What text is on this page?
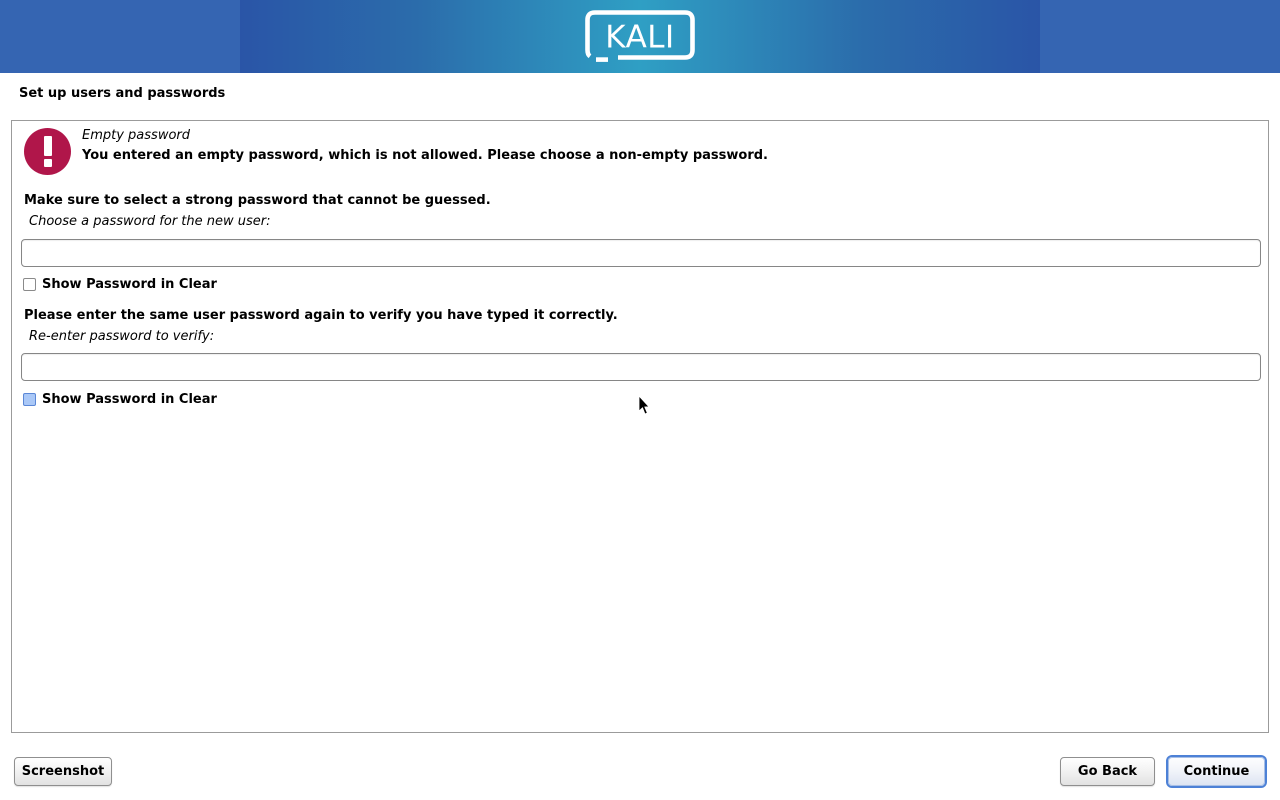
KALI
Set up users and passwords
Empty password
You entered an empty password, which is not allowed. Please choose a non-empty password.
Make sure to select a strong password that cannot be guessed.
Choose a password for the new user:
Show Password in Clear
Please enter the same user password again to verify you have typed it correctly.
Re-enter password to verify:
Show Password in Clear
Screenshot	Go Back	Continue
